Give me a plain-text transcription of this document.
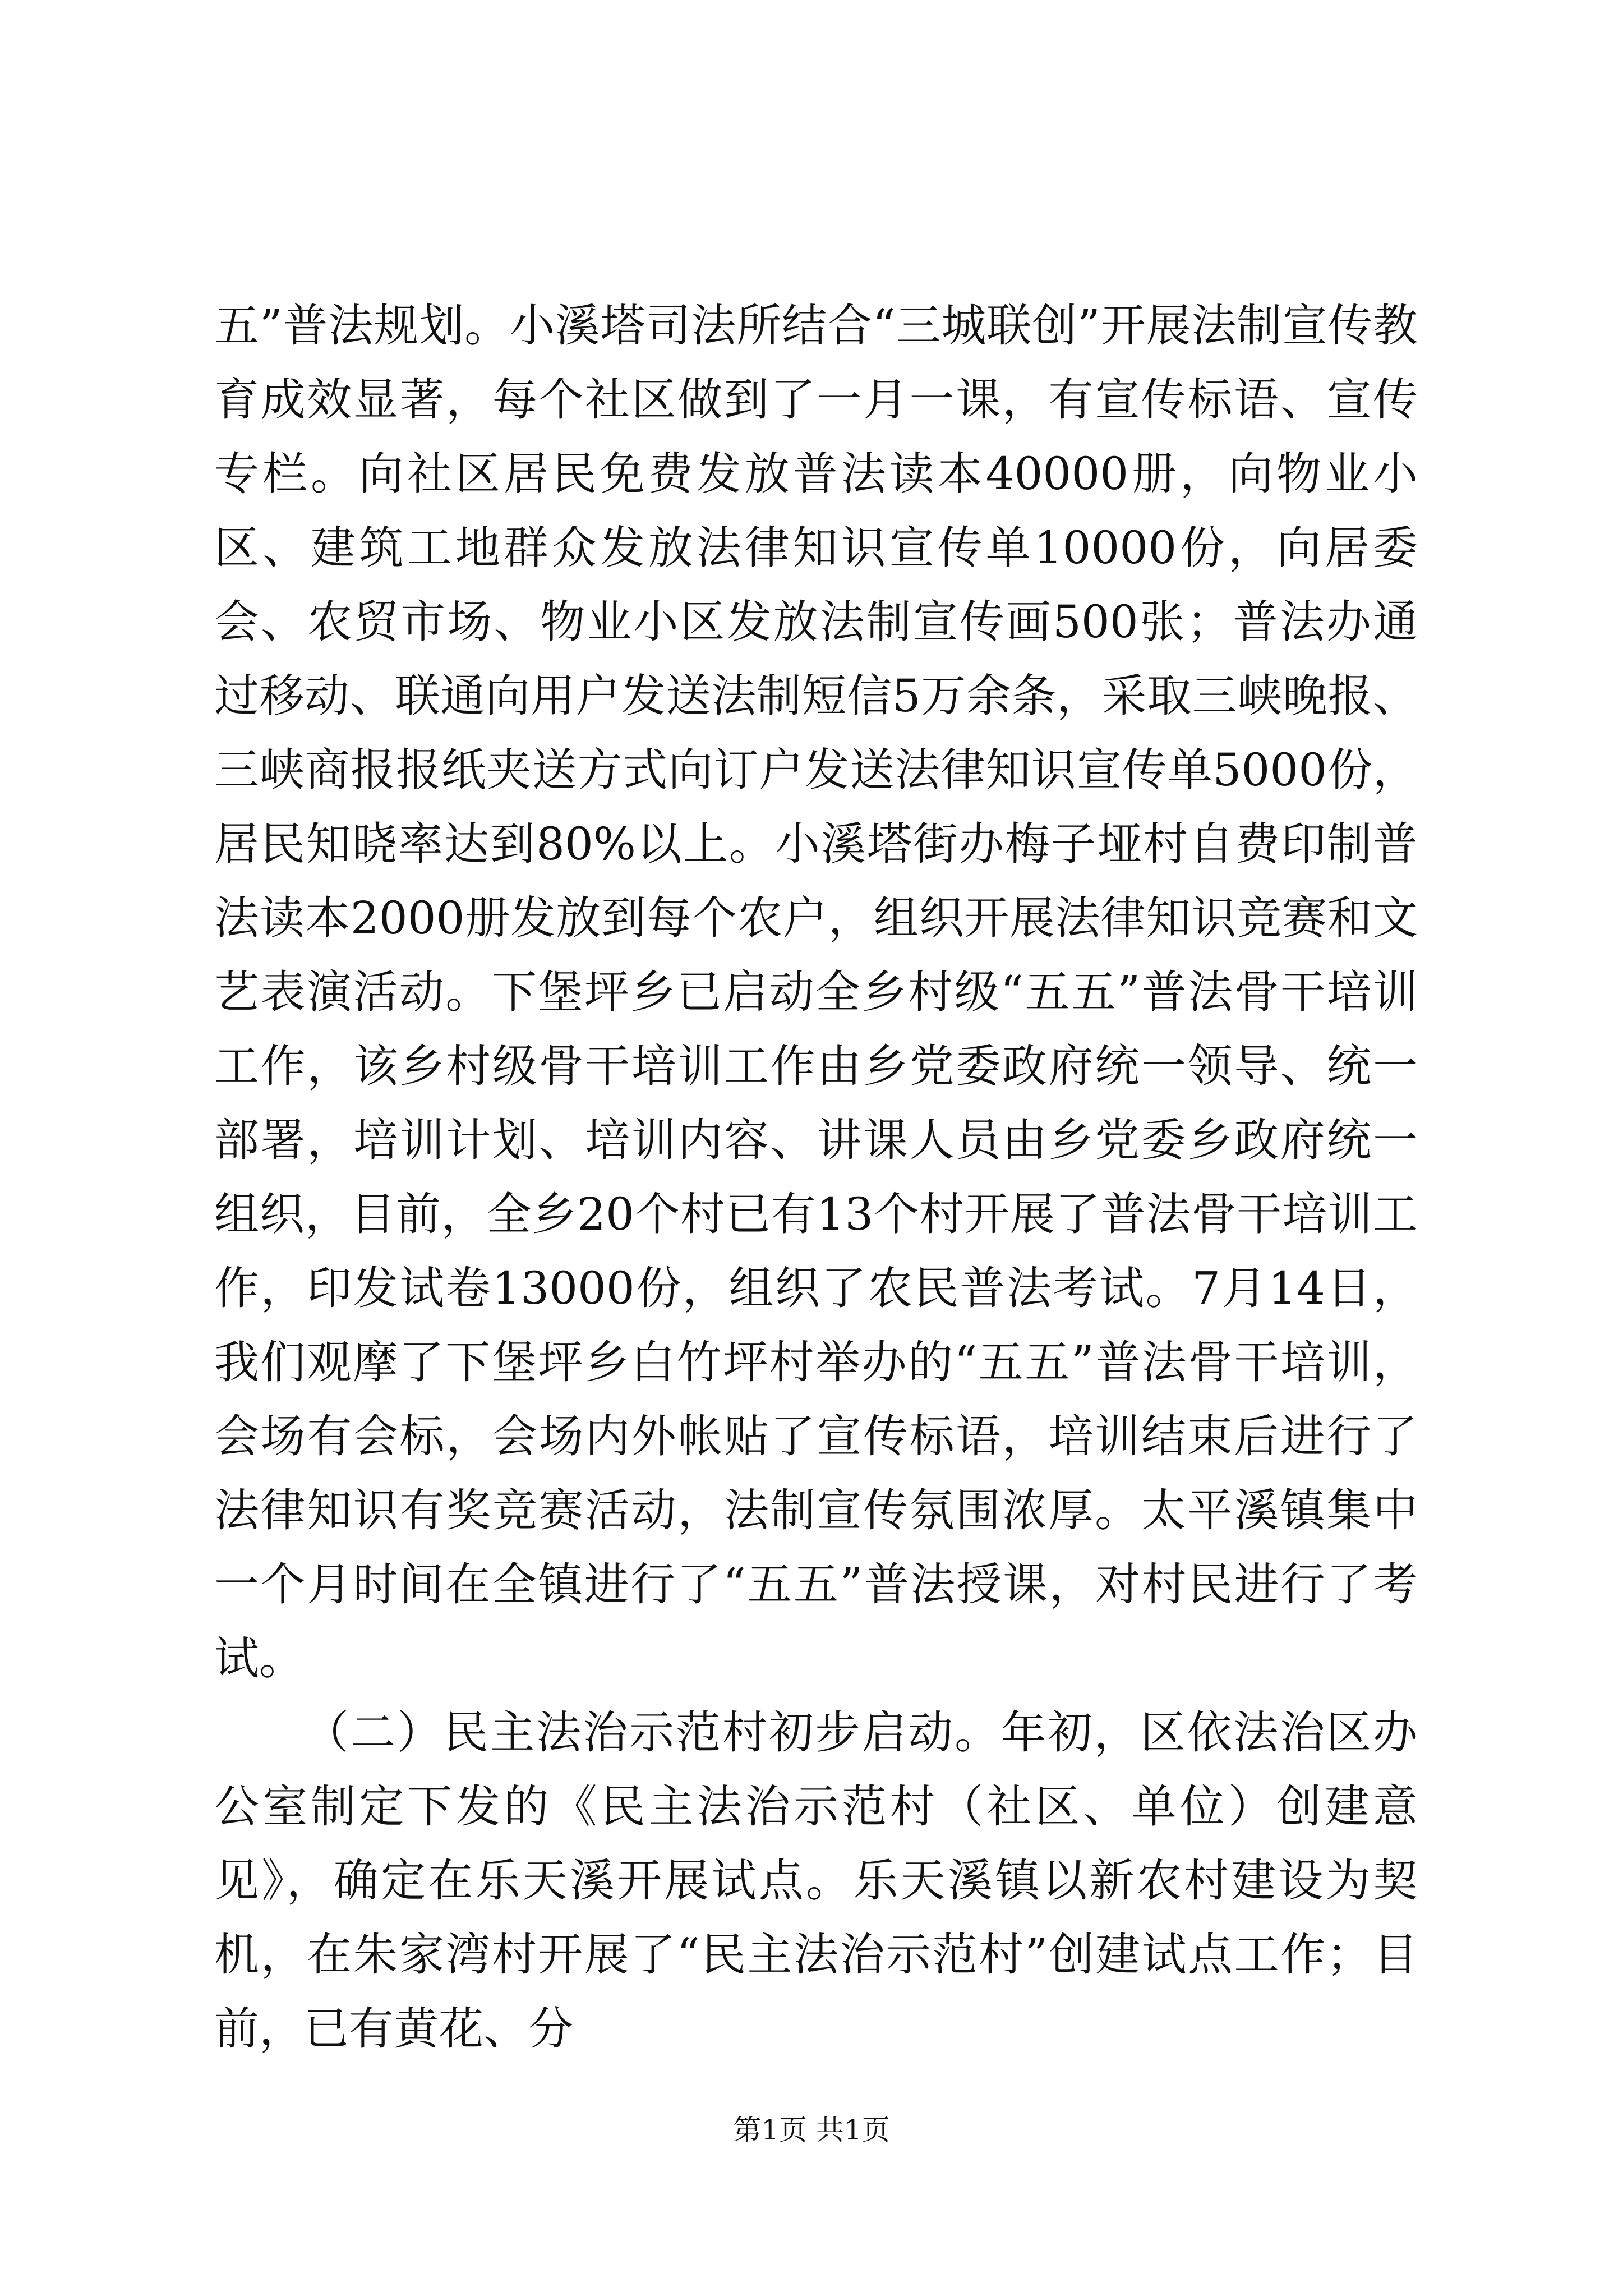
五”普法规划。小溪塔司法所结合“三城联创”开展法制宣传教育成效显著，每个社区做到了一月一课，有宣传标语、宣传专栏。向社区居民免费发放普法读本40000册，向物业小区、建筑工地群众发放法律知识宣传单10000份，向居委会、农贸市场、物业小区发放法制宣传画500张；普法办通过移动、联通向用户发送法制短信5万余条，采取三峡晚报、三峡商报报纸夹送方式向订户发送法律知识宣传单5000份，居民知晓率达到80%以上。小溪塔街办梅子垭村自费印制普法读本2000册发放到每个农户，组织开展法律知识竞赛和文艺表演活动。下堡坪乡已启动全乡村级“五五”普法骨干培训工作，该乡村级骨干培训工作由乡党委政府统一领导、统一部署，培训计划、培训内容、讲课人员由乡党委乡政府统一组织，目前，全乡20个村已有13个村开展了普法骨干培训工作，印发试卷13000份，组织了农民普法考试。7月14日，我们观摩了下堡坪乡白竹坪村举办的“五五”普法骨干培训，会场有会标，会场内外帐贴了宣传标语，培训结束后进行了法律知识有奖竞赛活动，法制宣传氛围浓厚。太平溪镇集中一个月时间在全镇进行了“五五”普法授课，对村民进行了考试。

（二）民主法治示范村初步启动。年初，区依法治区办公室制定下发的《民主法治示范村（社区、单位）创建意见》，确定在乐天溪开展试点。乐天溪镇以新农村建设为契机，在朱家湾村开展了“民主法治示范村”创建试点工作；目前，已有黄花、分

第1页 共1页
